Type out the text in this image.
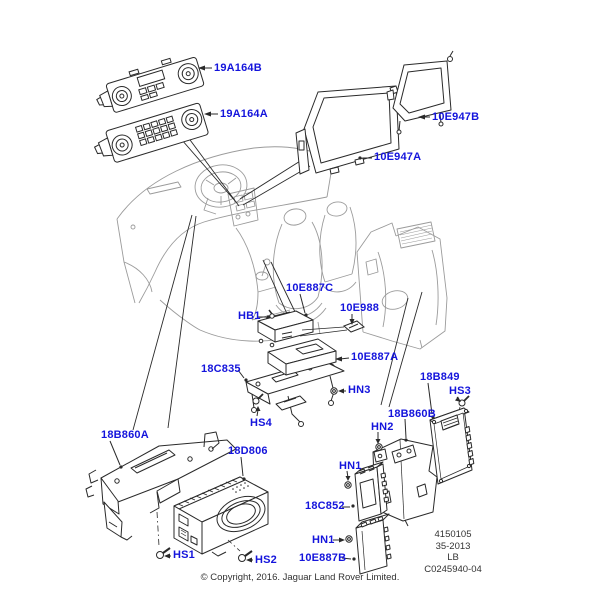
19A164B
19A164A	10E947B
10E947A
10E887C
HB1
10E988
10E887A
18C835
HN3
18B849
HS3
18B860B
HN2
HS4
18B860A
18D806
HN1
18C852
HN1
10E887B
HS1	HS2
4150105
35-2013
LB
C0245940-04
© Copyright, 2016. Jaguar Land Rover Limited.
